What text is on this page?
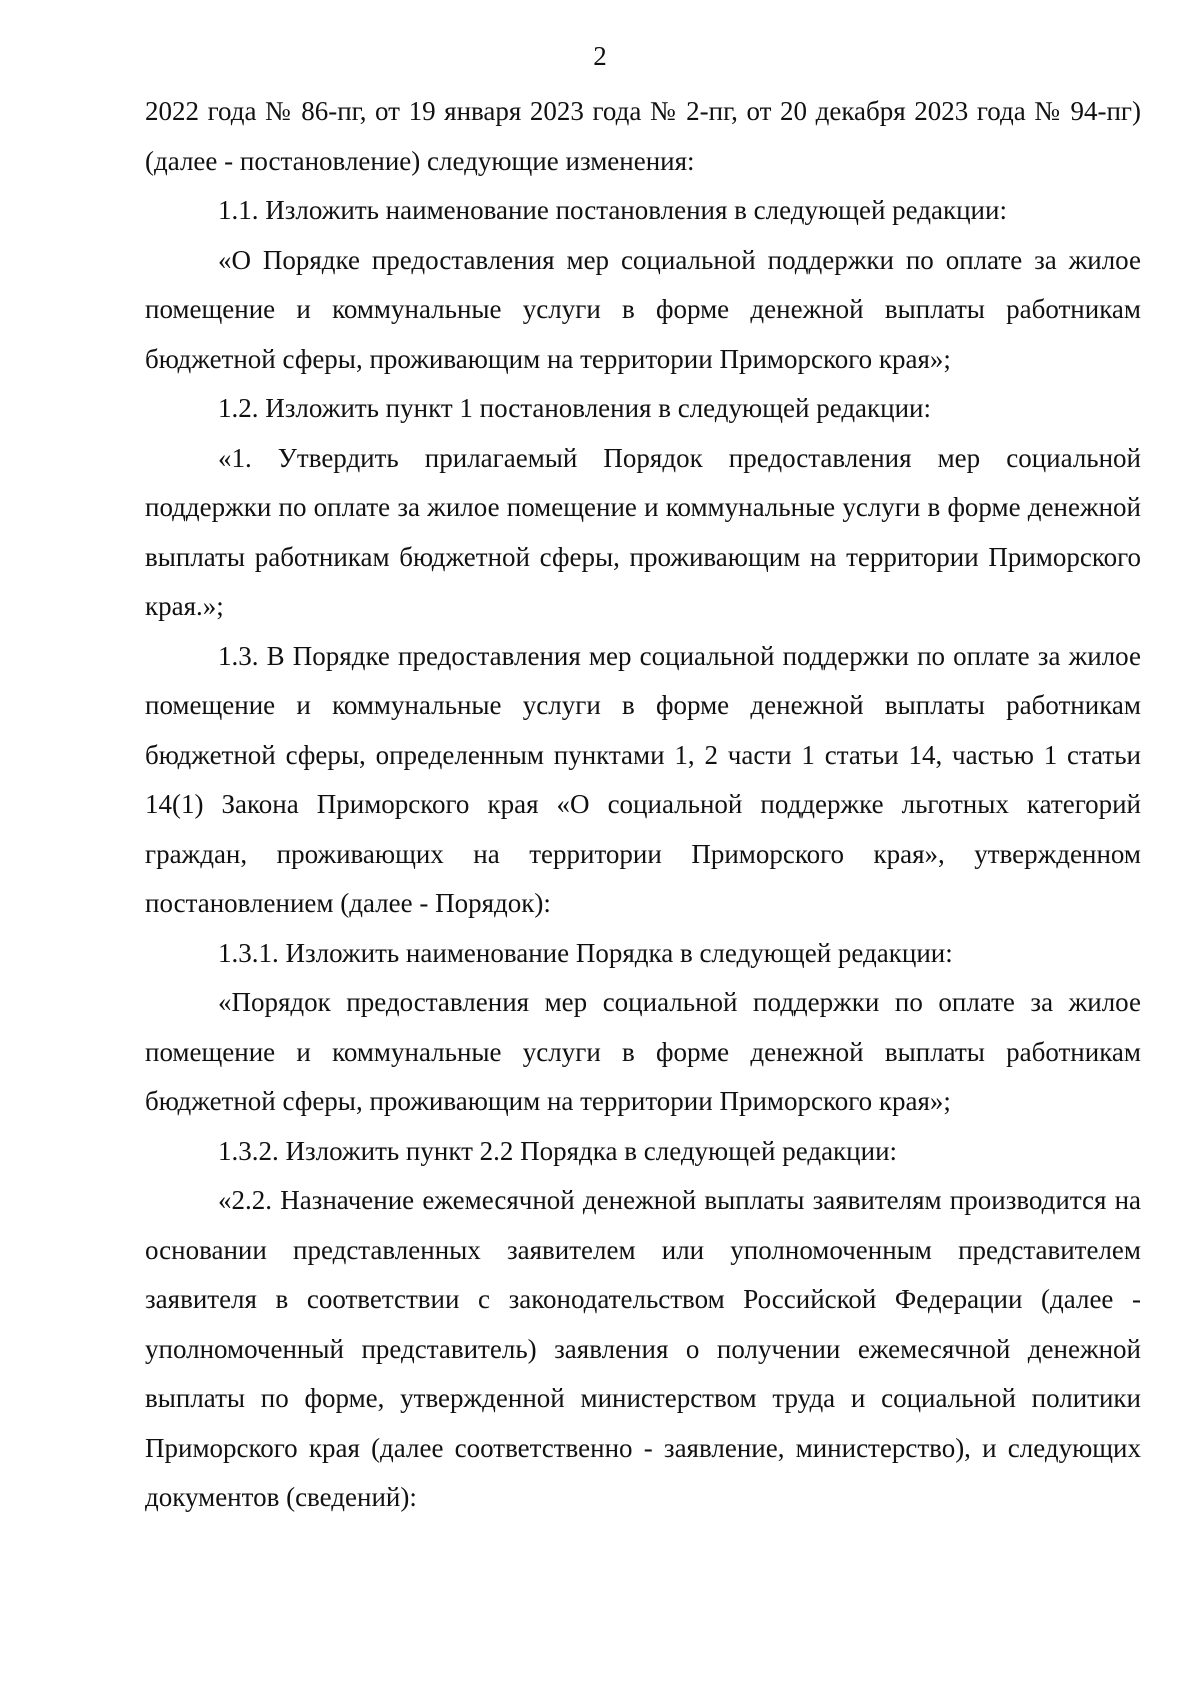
2

2022 года № 86-пг, от 19 января 2023 года № 2-пг, от 20 декабря 2023 года № 94-пг) (далее - постановление) следующие изменения:

1.1. Изложить наименование постановления в следующей редакции:

«О Порядке предоставления мер социальной поддержки по оплате за жилое помещение и коммунальные услуги в форме денежной выплаты работникам бюджетной сферы, проживающим на территории Приморского края»;

1.2. Изложить пункт 1 постановления в следующей редакции:

«1. Утвердить прилагаемый Порядок предоставления мер социальной поддержки по оплате за жилое помещение и коммунальные услуги в форме денежной выплаты работникам бюджетной сферы, проживающим на территории Приморского края.»;

1.3. В Порядке предоставления мер социальной поддержки по оплате за жилое помещение и коммунальные услуги в форме денежной выплаты работникам бюджетной сферы, определенным пунктами 1, 2 части 1 статьи 14, частью 1 статьи 14(1) Закона Приморского края «О социальной поддержке льготных категорий граждан, проживающих на территории Приморского края», утвержденном постановлением (далее - Порядок):

1.3.1. Изложить наименование Порядка в следующей редакции:

«Порядок предоставления мер социальной поддержки по оплате за жилое помещение и коммунальные услуги в форме денежной выплаты работникам бюджетной сферы, проживающим на территории Приморского края»;

1.3.2. Изложить пункт 2.2 Порядка в следующей редакции:

«2.2. Назначение ежемесячной денежной выплаты заявителям производится на основании представленных заявителем или уполномоченным представителем заявителя в соответствии с законодательством Российской Федерации (далее - уполномоченный представитель) заявления о получении ежемесячной денежной выплаты по форме, утвержденной министерством труда и социальной политики Приморского края (далее соответственно - заявление, министерство), и следующих документов (сведений):
